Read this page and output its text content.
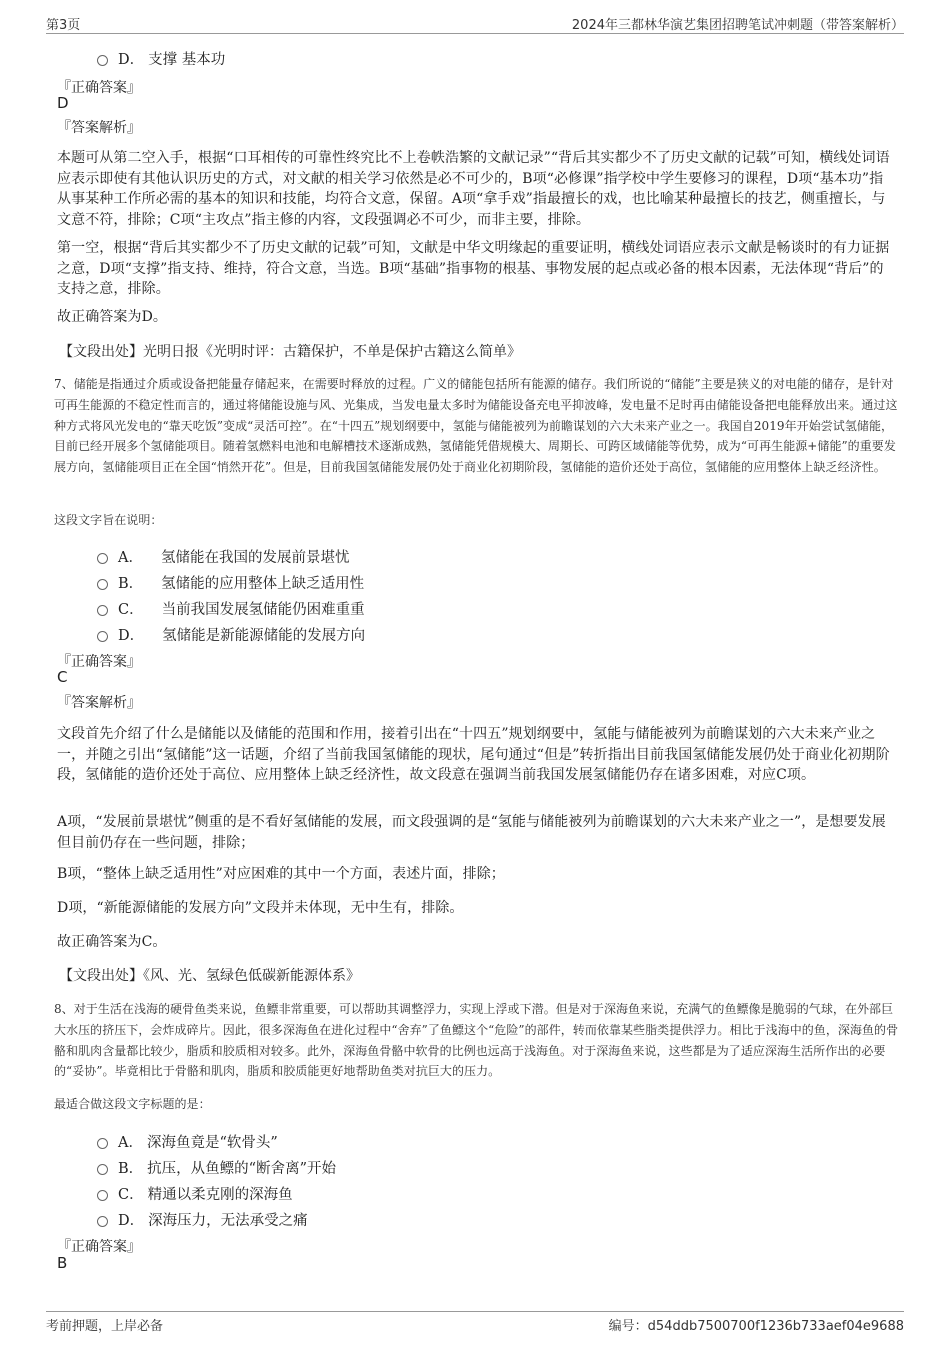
第3页	2024年三都林华演艺集团招聘笔试冲刺题（带答案解析）
D． 支撑 基本功
『正确答案』
D
『答案解析』
本题可从第二空入手，根据“口耳相传的可靠性终究比不上卷帙浩繁的文献记录”“背后其实都少不了历史文献的记载”可知，横线处词语应表示即使有其他认识历史的方式，对文献的相关学习依然是必不可少的，B项“必修课”指学校中学生要修习的课程，D项“基本功”指从事某种工作所必需的基本的知识和技能，均符合文意，保留。A项“拿手戏”指最擅长的戏，也比喻某种最擅长的技艺，侧重擅长，与文意不符，排除；C项“主攻点”指主修的内容，文段强调必不可少，而非主要，排除。
第一空，根据“背后其实都少不了历史文献的记载”可知，文献是中华文明缘起的重要证明，横线处词语应表示文献是畅谈时的有力证据之意，D项“支撑”指支持、维持，符合文意，当选。B项“基础”指事物的根基、事物发展的起点或必备的根本因素，无法体现“背后”的支持之意，排除。
故正确答案为D。
【文段出处】光明日报《光明时评：古籍保护，不单是保护古籍这么简单》
7、储能是指通过介质或设备把能量存储起来，在需要时释放的过程。广义的储能包括所有能源的储存。我们所说的“储能”主要是狭义的对电能的储存，是针对可再生能源的不稳定性而言的，通过将储能设施与风、光集成，当发电量太多时为储能设备充电平抑波峰，发电量不足时再由储能设备把电能释放出来。通过这种方式将风光发电的“靠天吃饭”变成“灵活可控”。在“十四五”规划纲要中，氢能与储能被列为前瞻谋划的六大未来产业之一。我国自2019年开始尝试氢储能，目前已经开展多个氢储能项目。随着氢燃料电池和电解槽技术逐渐成熟，氢储能凭借规模大、周期长、可跨区域储能等优势，成为“可再生能源+储能”的重要发展方向，氢储能项目正在全国“悄然开花”。但是，目前我国氢储能发展仍处于商业化初期阶段，氢储能的造价还处于高位，氢储能的应用整体上缺乏经济性。
这段文字旨在说明：
A． 氢储能在我国的发展前景堪忧
B． 氢储能的应用整体上缺乏适用性
C． 当前我国发展氢储能仍困难重重
D． 氢储能是新能源储能的发展方向
『正确答案』
C
『答案解析』
文段首先介绍了什么是储能以及储能的范围和作用，接着引出在“十四五”规划纲要中，氢能与储能被列为前瞻谋划的六大未来产业之一，并随之引出“氢储能”这一话题，介绍了当前我国氢储能的现状，尾句通过“但是”转折指出目前我国氢储能发展仍处于商业化初期阶段，氢储能的造价还处于高位、应用整体上缺乏经济性，故文段意在强调当前我国发展氢储能仍存在诸多困难，对应C项。
A项，“发展前景堪忧”侧重的是不看好氢储能的发展，而文段强调的是“氢能与储能被列为前瞻谋划的六大未来产业之一”，是想要发展但目前仍存在一些问题，排除；
B项，“整体上缺乏适用性”对应困难的其中一个方面，表述片面，排除；
D项，“新能源储能的发展方向”文段并未体现，无中生有，排除。
故正确答案为C。
【文段出处】《风、光、氢绿色低碳新能源体系》
8、对于生活在浅海的硬骨鱼类来说，鱼鳔非常重要，可以帮助其调整浮力，实现上浮或下潜。但是对于深海鱼来说，充满气的鱼鳔像是脆弱的气球，在外部巨大水压的挤压下，会炸成碎片。因此，很多深海鱼在进化过程中“舍弃”了鱼鳔这个“危险”的部件，转而依靠某些脂类提供浮力。相比于浅海中的鱼，深海鱼的骨骼和肌肉含量都比较少，脂质和胶质相对较多。此外，深海鱼骨骼中软骨的比例也远高于浅海鱼。对于深海鱼来说，这些都是为了适应深海生活所作出的必要的“妥协”。毕竟相比于骨骼和肌肉，脂质和胶质能更好地帮助鱼类对抗巨大的压力。
最适合做这段文字标题的是：
A． 深海鱼竟是“软骨头”
B． 抗压，从鱼鳔的“断舍离”开始
C． 精通以柔克刚的深海鱼
D． 深海压力，无法承受之痛
『正确答案』
B
考前押题，上岸必备	编号：d54ddb7500700f1236b733aef04e9688
